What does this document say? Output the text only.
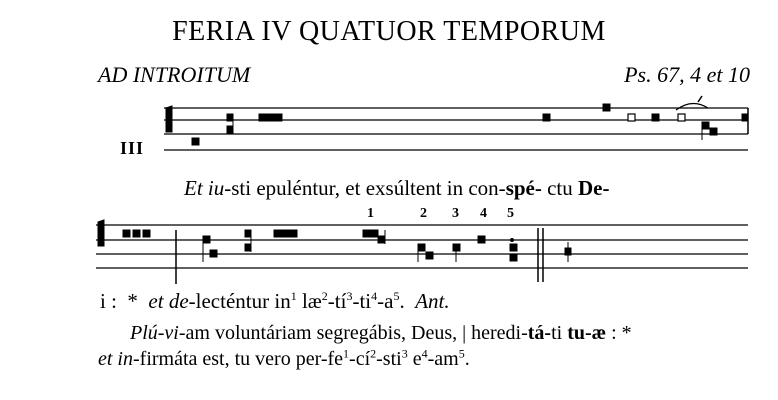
FERIA IV QUATUOR TEMPORUM
AD INTROITUM	Ps. 67, 4 et 10
III
1	2 3 4 5
Et iu-sti epuléntur, et exsúltent in con-spé- ctu De-
i :  *  et de-lecténtur $in^1$ $læ^2-tí^3-ti^4-a^5$.  Ant.
Plú-vi-am voluntáriam segregábis, Deus, | heredi-tá-ti tu-æ : *
et in-firmáta est, tu vero per-$fe^1-cí^2-sti^3$ $e^4-am^5$.
